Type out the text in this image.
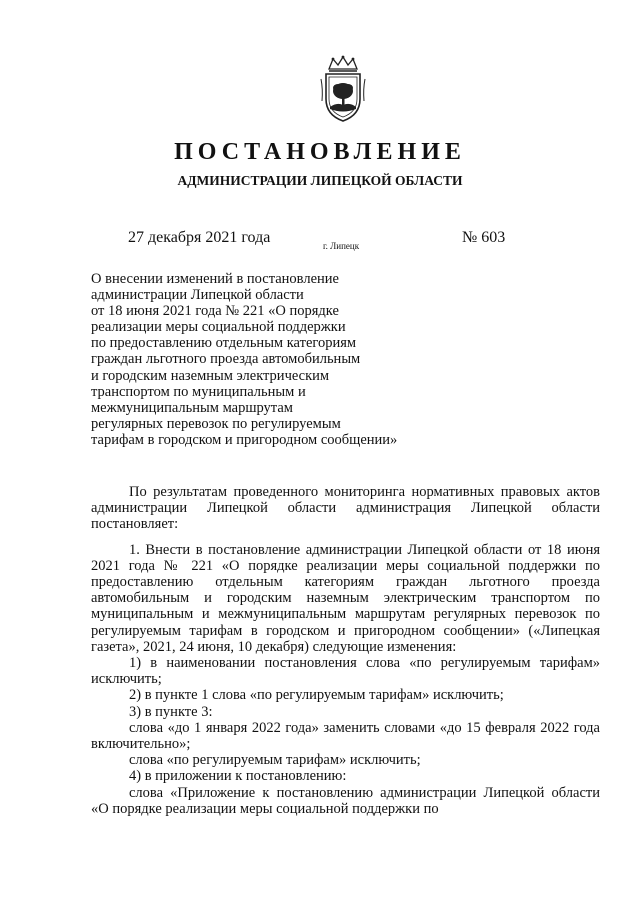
ПОСТАНОВЛЕНИЕ
АДМИНИСТРАЦИИ ЛИПЕЦКОЙ ОБЛАСТИ
27 декабря 2021 года	г. Липецк	№ 603
О внесении изменений в постановление
администрации Липецкой области
от 18 июня 2021 года № 221 «О порядке
реализации меры социальной поддержки
по предоставлению отдельным категориям
граждан льготного проезда автомобильным
и городским наземным электрическим
транспортом по муниципальным и
межмуниципальным маршрутам
регулярных перевозок по регулируемым
тарифам в городском и пригородном сообщении»

По результатам проведенного мониторинга нормативных правовых актов администрации Липецкой области администрация Липецкой области постановляет:

1. Внести в постановление администрации Липецкой области от 18 июня 2021 года № 221 «О порядке реализации меры социальной поддержки по предоставлению отдельным категориям граждан льготного проезда автомобильным и городским наземным электрическим транспортом по муниципальным и межмуниципальным маршрутам регулярных перевозок по регулируемым тарифам в городском и пригородном сообщении» («Липецкая газета», 2021, 24 июня, 10 декабря) следующие изменения:

1) в наименовании постановления слова «по регулируемым тарифам» исключить;

2) в пункте 1 слова «по регулируемым тарифам» исключить;

3) в пункте 3:

слова «до 1 января 2022 года» заменить словами «до 15 февраля 2022 года включительно»;

слова «по регулируемым тарифам» исключить;

4) в приложении к постановлению:

слова «Приложение к постановлению администрации Липецкой области «О порядке реализации меры социальной поддержки по
